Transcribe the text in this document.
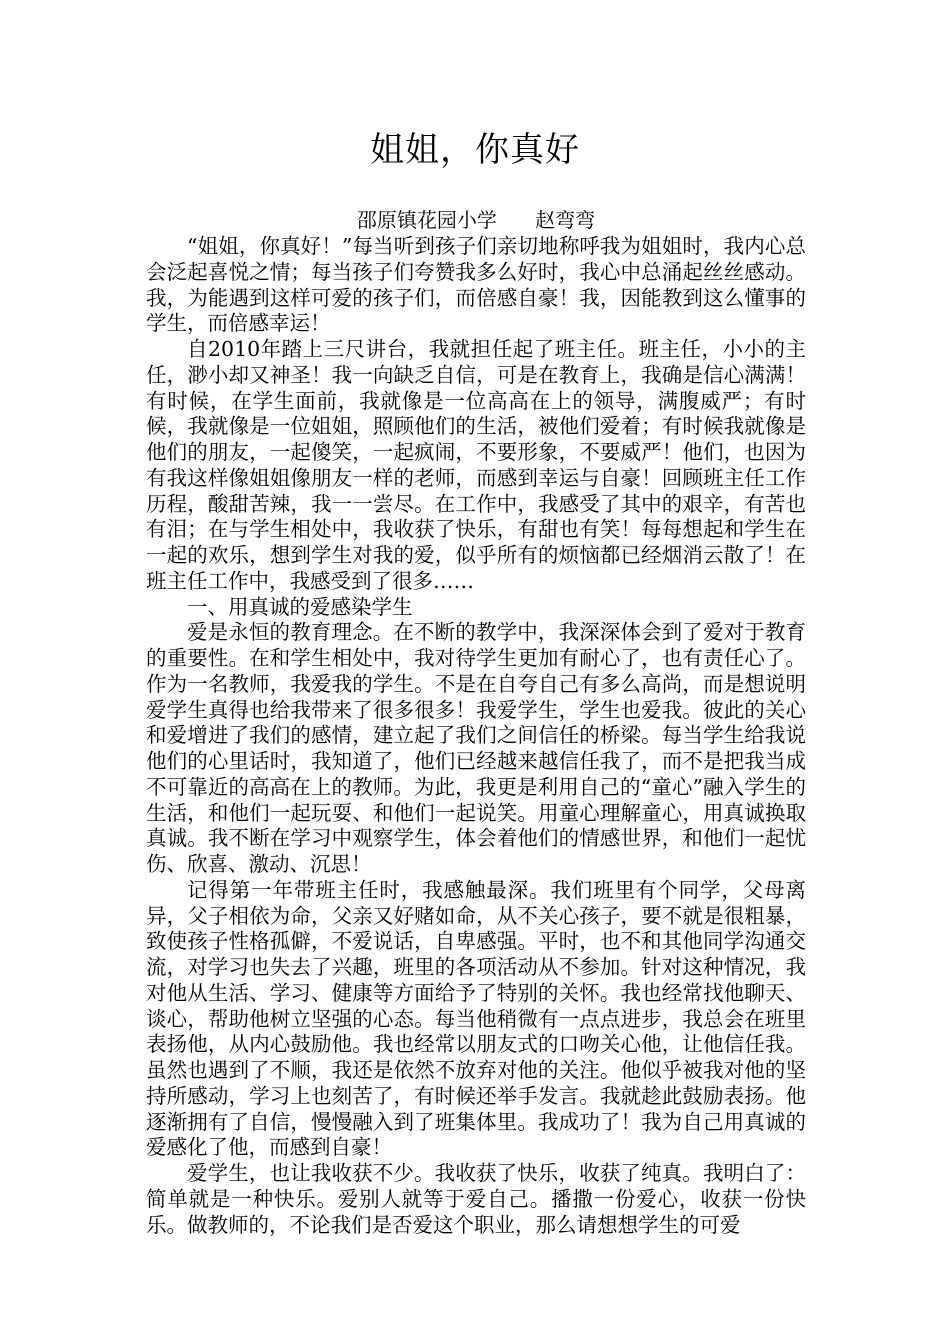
姐姐，你真好
邵原镇花园小学      赵弯弯

“姐姐，你真好！”每当听到孩子们亲切地称呼我为姐姐时，我内心总会泛起喜悦之情；每当孩子们夸赞我多么好时，我心中总涌起丝丝感动。我，为能遇到这样可爱的孩子们，而倍感自豪！我，因能教到这么懂事的学生，而倍感幸运！

自2010年踏上三尺讲台，我就担任起了班主任。班主任，小小的主任，渺小却又神圣！我一向缺乏自信，可是在教育上，我确是信心满满！有时候，在学生面前，我就像是一位高高在上的领导，满腹威严；有时候，我就像是一位姐姐，照顾他们的生活，被他们爱着；有时候我就像是他们的朋友，一起傻笑，一起疯闹，不要形象，不要威严！他们，也因为有我这样像姐姐像朋友一样的老师，而感到幸运与自豪！回顾班主任工作历程，酸甜苦辣，我一一尝尽。在工作中，我感受了其中的艰辛，有苦也有泪；在与学生相处中，我收获了快乐，有甜也有笑！每每想起和学生在一起的欢乐，想到学生对我的爱，似乎所有的烦恼都已经烟消云散了！在班主任工作中，我感受到了很多……

一、用真诚的爱感染学生

爱是永恒的教育理念。在不断的教学中，我深深体会到了爱对于教育的重要性。在和学生相处中，我对待学生更加有耐心了，也有责任心了。作为一名教师，我爱我的学生。不是在自夸自己有多么高尚，而是想说明爱学生真得也给我带来了很多很多！我爱学生，学生也爱我。彼此的关心和爱增进了我们的感情，建立起了我们之间信任的桥梁。每当学生给我说他们的心里话时，我知道了，他们已经越来越信任我了，而不是把我当成不可靠近的高高在上的教师。为此，我更是利用自己的“童心”融入学生的生活，和他们一起玩耍、和他们一起说笑。用童心理解童心，用真诚换取真诚。我不断在学习中观察学生，体会着他们的情感世界，和他们一起忧伤、欣喜、激动、沉思！

记得第一年带班主任时，我感触最深。我们班里有个同学，父母离异，父子相依为命，父亲又好赌如命，从不关心孩子，要不就是很粗暴，致使孩子性格孤僻，不爱说话，自卑感强。平时，也不和其他同学沟通交流，对学习也失去了兴趣，班里的各项活动从不参加。针对这种情况，我对他从生活、学习、健康等方面给予了特别的关怀。我也经常找他聊天、谈心，帮助他树立坚强的心态。每当他稍微有一点点进步，我总会在班里表扬他，从内心鼓励他。我也经常以朋友式的口吻关心他，让他信任我。虽然也遇到了不顺，我还是依然不放弃对他的关注。他似乎被我对他的坚持所感动，学习上也刻苦了，有时候还举手发言。我就趁此鼓励表扬。他逐渐拥有了自信，慢慢融入到了班集体里。我成功了！我为自己用真诚的爱感化了他，而感到自豪！

爱学生，也让我收获不少。我收获了快乐，收获了纯真。我明白了：简单就是一种快乐。爱别人就等于爱自己。播撒一份爱心，收获一份快乐。做教师的，不论我们是否爱这个职业，那么请想想学生的可爱
